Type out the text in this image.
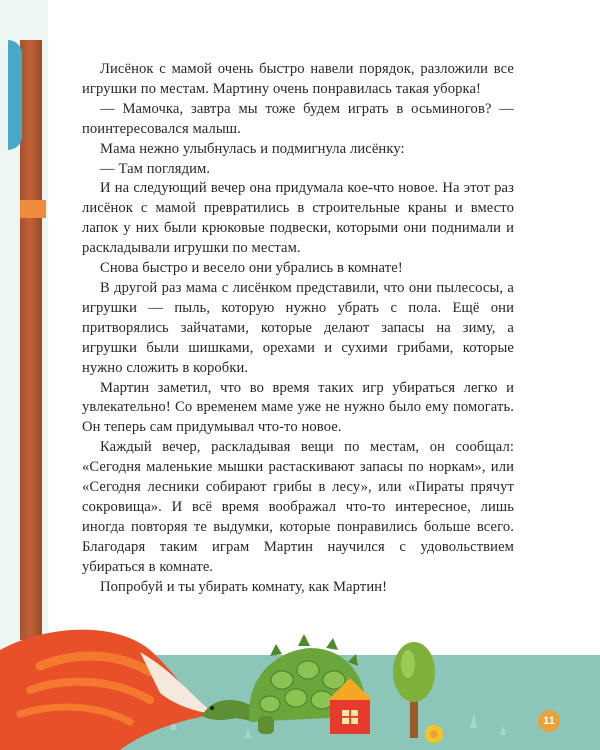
Лисёнок с мамой очень быстро навели порядок, разложили все игрушки по местам. Мартину очень понравилась такая уборка!

— Мамочка, завтра мы тоже будем играть в осьминогов? — поинтересовался малыш.

Мама нежно улыбнулась и подмигнула лисёнку:

— Там поглядим.

И на следующий вечер она придумала кое-что новое. На этот раз лисёнок с мамой превратились в строительные краны и вместо лапок у них были крюковые подвески, которыми они поднимали и раскладывали игрушки по местам.

Снова быстро и весело они убрались в комнате!

В другой раз мама с лисёнком представили, что они пылесосы, а игрушки — пыль, которую нужно убрать с пола. Ещё они притворялись зайчатами, которые делают запасы на зиму, а игрушки были шишками, орехами и сухими грибами, которые нужно сложить в коробки.

Мартин заметил, что во время таких игр убираться легко и увлекательно! Со временем маме уже не нужно было ему помогать. Он теперь сам придумывал что-то новое.

Каждый вечер, раскладывая вещи по местам, он сообщал: «Сегодня маленькие мышки растаскивают запасы по норкам», или «Сегодня лесники собирают грибы в лесу», или «Пираты прячут сокровища». И всё время воображал что-то интересное, лишь иногда повторяя те выдумки, которые понравились больше всего. Благодаря таким играм Мартин научился с удовольствием убираться в комнате.

Попробуй и ты убирать комнату, как Мартин!

11
